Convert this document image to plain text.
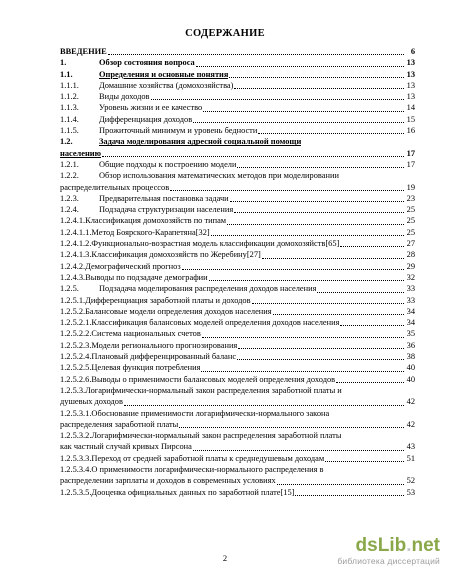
СОДЕРЖАНИЕ
ВВЕДЕНИЕ	6
1.	Обзор состояния вопроса	13
1.1.	Определения и основные понятия	13
1.1.1.	Домашние хозяйства (домохозяйства)	13
1.1.2.	Виды доходов	13
1.1.3.	Уровень жизни и ее качество	14
1.1.4.	Дифференциация доходов	15
1.1.5.	Прожиточный минимум и уровень бедности	16
1.2.	Задача моделирования адресной социальной помощи
населению	17
1.2.1.	Общие подходы к построению модели	17
1.2.2.	Обзор использования математических методов при моделировании
распределительных процессов	19
1.2.3.	Предварительная постановка задачи	23
1.2.4.	Подзадача структуризации населения	25
1.2.4.1. Классификация домохозяйств по типам	25
1.2.4.1.1. Метод Боярского-Карапетяна[32]	25
1.2.4.1.2. Функционально-возрастная модель классификации домохозяйств[65]	27
1.2.4.1.3. Классификация домохозяйств по Жеребину[27]	28
1.2.4.2. Демографический прогноз	29
1.2.4.3. Выводы по подзадаче демографии	32
1.2.5.	Подзадача моделирования распределения доходов населения	33
1.2.5.1. Дифференциация заработной платы и доходов	33
1.2.5.2. Балансовые модели определения доходов населения	34
1.2.5.2.1. Классификация балансовых моделей определения доходов населения	34
1.2.5.2.2. Система национальных счетов	35
1.2.5.2.3. Модели регионального прогнозирования	36
1.2.5.2.4. Плановый дифференцированный баланс	38
1.2.5.2.5. Целевая функция потребления	40
1.2.5.2.6. Выводы о применимости балансовых моделей определения доходов	40
1.2.5.3. Логарифмически-нормальный закон распределения заработной платы и
душевых доходов	42
1.2.5.3.1. Обоснование применимости логарифмически-нормального закона
распределения заработной платы	42
1.2.5.3.2. Логарифмически-нормальный закон распределения заработной платы
как частный случай кривых Пирсона	43
1.2.5.3.3. Переход от средней заработной платы к среднедушевым доходам	51
1.2.5.3.4. О применимости логарифмически-нормального распределения в
распределении зарплаты и доходов в современных условиях	52
1.2.5.3.5. Дооценка официальных данных по заработной плате[15]	53
2
dsLib.net
библиотека диссертаций
